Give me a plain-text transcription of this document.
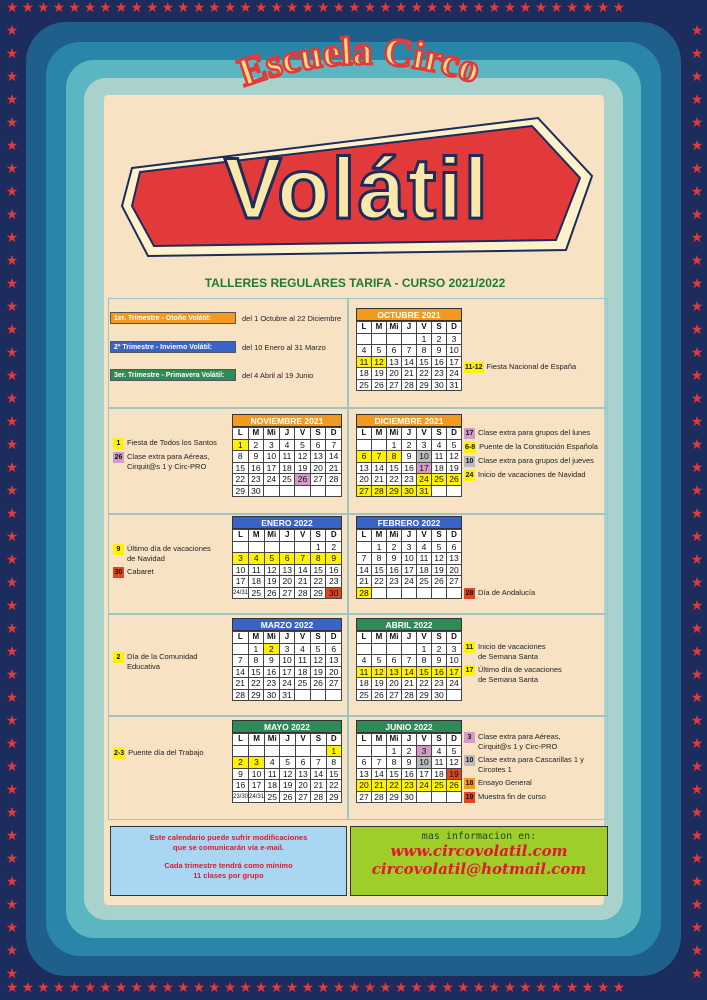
★★★★★★★★★★★★★★★★★★★★★★★★★★★★★★★★★★★★★★★★
★★★★★★★★★★★★★★★★★★★★★★★★★★★★★★★★★★★★★★★★
★★★★★★★★★★★★★★★★★★★★★★★★★★★★★★★★★★★★★★★★★★
★★★★★★★★★★★★★★★★★★★★★★★★★★★★★★★★★★★★★★★★★★
Volátil
Escuela Circo
TALLERES REGULARES TARIFA - CURSO 2021/2022
1er. Trimestre - Otoño Volátil:	del 1 Octubre al 22 Diciembre
2º Trimestre - Invierno Volátil:	del 10 Enero al 31 Marzo
3er. Trimestre - Primavera Volátil:	del 4 Abril al 19 Junio
OCTUBRE 2021
L	M	Mi	J	V	S	D
				1	2	3
4	5	6	7	8	9	10
11	12	13	14	15	16	17
18	19	20	21	22	23	24
25	26	27	28	29	30	31
NOVIEMBRE 2021
L	M	Mi	J	V	S	D
1	2	3	4	5	6	7
8	9	10	11	12	13	14
15	16	17	18	19	20	21
22	23	24	25	26	27	28
29	30					
DICIEMBRE 2021
L	M	Mi	J	V	S	D
		1	2	3	4	5
6	7	8	9	10	11	12
13	14	15	16	17	18	19
20	21	22	23	24	25	26
27	28	29	30	31		
ENERO 2022
L	M	Mi	J	V	S	D
					1	2
3	4	5	6	7	8	9
10	11	12	13	14	15	16
17	18	19	20	21	22	23
24/31	25	26	27	28	29	30
FEBRERO 2022
L	M	Mi	J	V	S	D
	1	2	3	4	5	6
7	8	9	10	11	12	13
14	15	16	17	18	19	20
21	22	23	24	25	26	27
28						
MARZO 2022
L	M	Mi	J	V	S	D
	1	2	3	4	5	6
7	8	9	10	11	12	13
14	15	16	17	18	19	20
21	22	23	24	25	26	27
28	29	30	31			
ABRIL 2022
L	M	Mi	J	V	S	D
				1	2	3
4	5	6	7	8	9	10
11	12	13	14	15	16	17
18	19	20	21	22	23	24
25	26	27	28	29	30	
MAYO 2022
L	M	Mi	J	V	S	D
						1
2	3	4	5	6	7	8
9	10	11	12	13	14	15
16	17	18	19	20	21	22
23/30	24/31	25	26	27	28	29
JUNIO 2022
L	M	Mi	J	V	S	D
		1	2	3	4	5
6	7	8	9	10	11	12
13	14	15	16	17	18	19
20	21	22	23	24	25	26
27	28	29	30			
11-12 Fiesta Nacional de España
1 Fiesta de Todos los Santos
26 Clase extra para Aéreas,
Cirquit@s 1 y Circ-PRO
17 Clase extra para grupos del lunes
6-8 Puente de la Constitución Española
10 Clase extra para grupos del jueves
24 Inicio de vacaciones de Navidad
9 Último día de vacaciones
de Navidad
30 Cabaret
28 Día de Andalucía
2 Día de la Comunidad
Educativa
11 Inicio de vacaciones
de Semana Santa
17 Último día de vacaciones
de Semana Santa
2-3 Puente día del Trabajo
3 Clase extra para Aéreas,
Cirquit@s 1 y Circ-PRO
10 Clase extra para Cascarillas 1 y
Circotes 1
18 Ensayo General
19 Muestra fin de curso
Este calendario puede sufrir modificaciones
que se comunicarán vía e-mail.
Cada trimestre tendrá como mínimo
11 clases por grupo
mas informacion en:
www.circovolatil.com
circovolatil@hotmail.com
